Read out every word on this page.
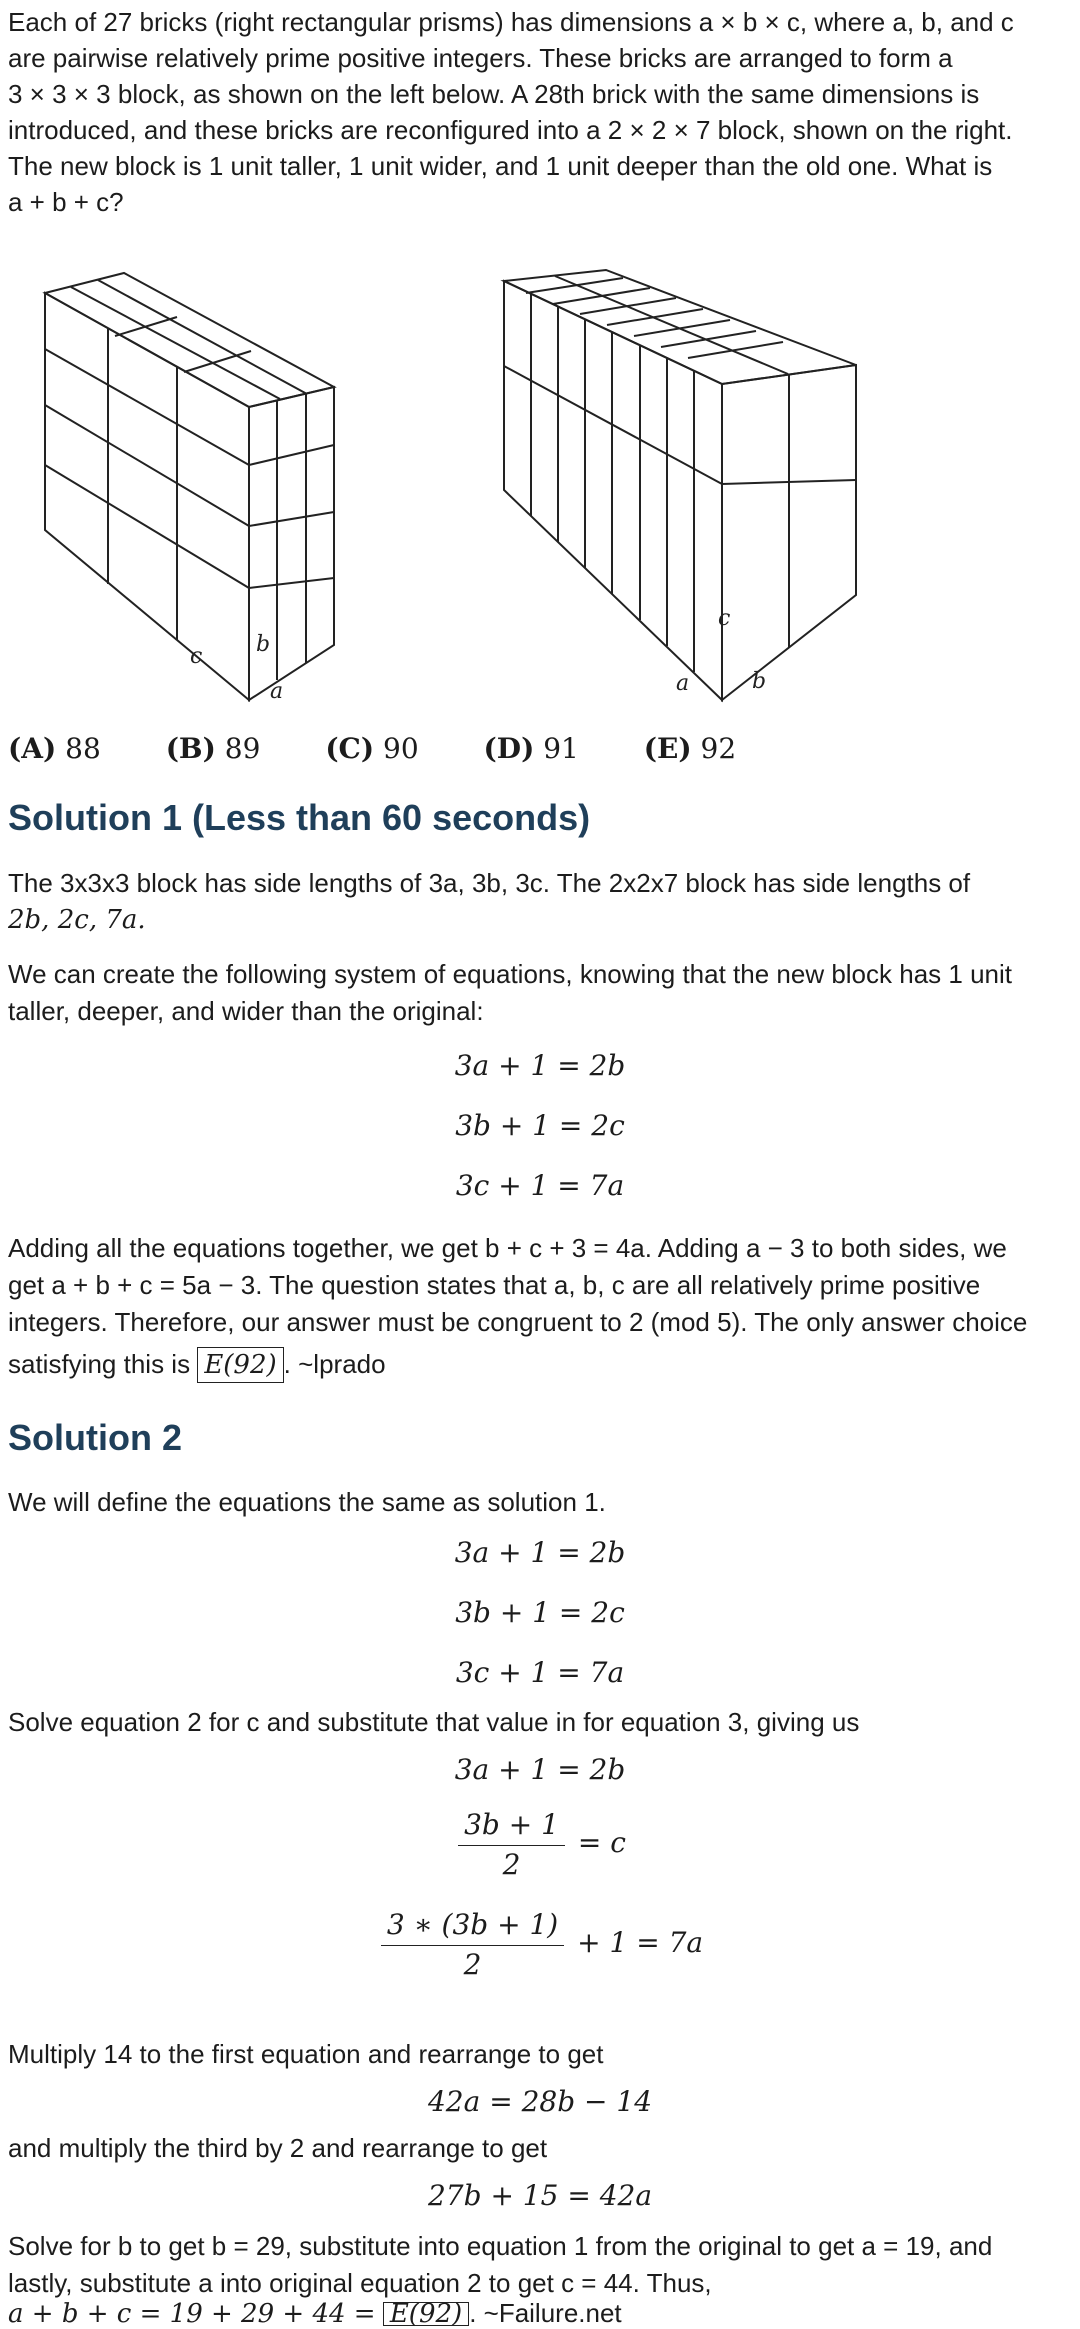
Each of 27 bricks (right rectangular prisms) has dimensions a × b × c, where a, b, and c
are pairwise relatively prime positive integers. These bricks are arranged to form a
3 × 3 × 3 block, as shown on the left below. A 28th brick with the same dimensions is
introduced, and these bricks are reconfigured into a 2 × 2 × 7 block, shown on the right.
The new block is 1 unit taller, 1 unit wider, and 1 unit deeper than the old one. What is
a + b + c?
c b
a
c
a	b
(A) 88 (B) 89 (C) 90 (D) 91 (E) 92
Solution 1 (Less than 60 seconds)
The 3x3x3 block has side lengths of 3a, 3b, 3c. The 2x2x7 block has side lengths of
2b, 2c, 7a.
We can create the following system of equations, knowing that the new block has 1 unit
taller, deeper, and wider than the original:
3a + 1 = 2b
3b + 1 = 2c
3c + 1 = 7a
Adding all the equations together, we get b + c + 3 = 4a. Adding a − 3 to both sides, we
get a + b + c = 5a − 3. The question states that a, b, c are all relatively prime positive
integers. Therefore, our answer must be congruent to 2 (mod 5). The only answer choice
satisfying this is E(92) . ~lprado
Solution 2
We will define the equations the same as solution 1.
3a + 1 = 2b
3b + 1 = 2c
3c + 1 = 7a
Solve equation 2 for c and substitute that value in for equation 3, giving us
3a + 1 = 2b
$\frac{3b + 1}{2} = c$
$\frac{3 ∗ (3b + 1)}{2} + 1 = 7a$
Multiply 14 to the first equation and rearrange to get
42a = 28b − 14
and multiply the third by 2 and rearrange to get
27b + 15 = 42a
Solve for b to get b = 29, substitute into equation 1 from the original to get a = 19, and
lastly, substitute a into original equation 2 to get c = 44. Thus,
a + b + c = 19 + 29 + 44 = E(92) . ~Failure.net
